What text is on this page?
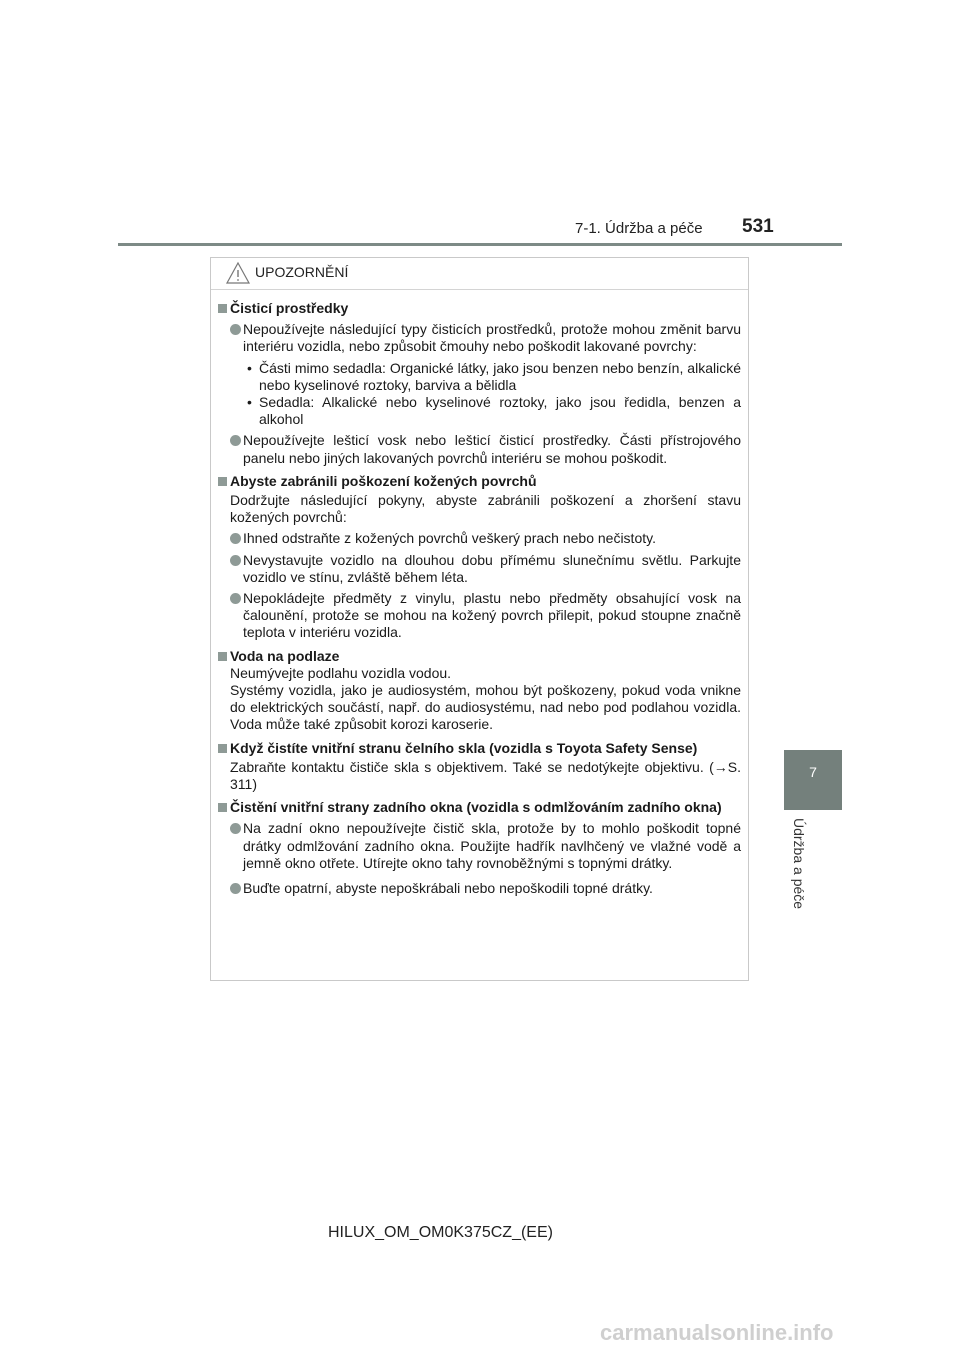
7-1. Údržba a péče 531
7
Údržba a péče
UPOZORNĚNÍ
Čisticí prostředky
Nepoužívejte následující typy čisticích prostředků, protože mohou změnit barvu interiéru vozidla, nebo způsobit čmouhy nebo poškodit lakované povrchy:
• Části mimo sedadla: Organické látky, jako jsou benzen nebo benzín, alkalické nebo kyselinové roztoky, barviva a bělidla
• Sedadla: Alkalické nebo kyselinové roztoky, jako jsou ředidla, benzen a alkohol
Nepoužívejte lešticí vosk nebo lešticí čisticí prostředky. Části přístrojového panelu nebo jiných lakovaných povrchů interiéru se mohou poškodit.
Abyste zabránili poškození kožených povrchů
Dodržujte následující pokyny, abyste zabránili poškození a zhoršení stavu kožených povrchů:
Ihned odstraňte z kožených povrchů veškerý prach nebo nečistoty.
Nevystavujte vozidlo na dlouhou dobu přímému slunečnímu světlu. Parkujte vozidlo ve stínu, zvláště během léta.
Nepokládejte předměty z vinylu, plastu nebo předměty obsahující vosk na čalounění, protože se mohou na kožený povrch přilepit, pokud stoupne značně teplota v interiéru vozidla.
Voda na podlaze
Neumývejte podlahu vozidla vodou.
Systémy vozidla, jako je audiosystém, mohou být poškozeny, pokud voda vnikne do elektrických součástí, např. do audiosystému, nad nebo pod podlahou vozidla. Voda může také způsobit korozi karoserie.
Když čistíte vnitřní stranu čelního skla (vozidla s Toyota Safety Sense)
Zabraňte kontaktu čističe skla s objektivem. Také se nedotýkejte objektivu. (→S. 311)
Čistění vnitřní strany zadního okna (vozidla s odmlžováním zadního okna)
Na zadní okno nepoužívejte čistič skla, protože by to mohlo poškodit topné drátky odmlžování zadního okna. Použijte hadřík navlhčený ve vlažné vodě a jemně okno otřete. Utírejte okno tahy rovnoběžnými s topnými drátky.
Buďte opatrní, abyste nepoškrábali nebo nepoškodili topné drátky.
HILUX_OM_OM0K375CZ_(EE)
carmanualsonline.info
